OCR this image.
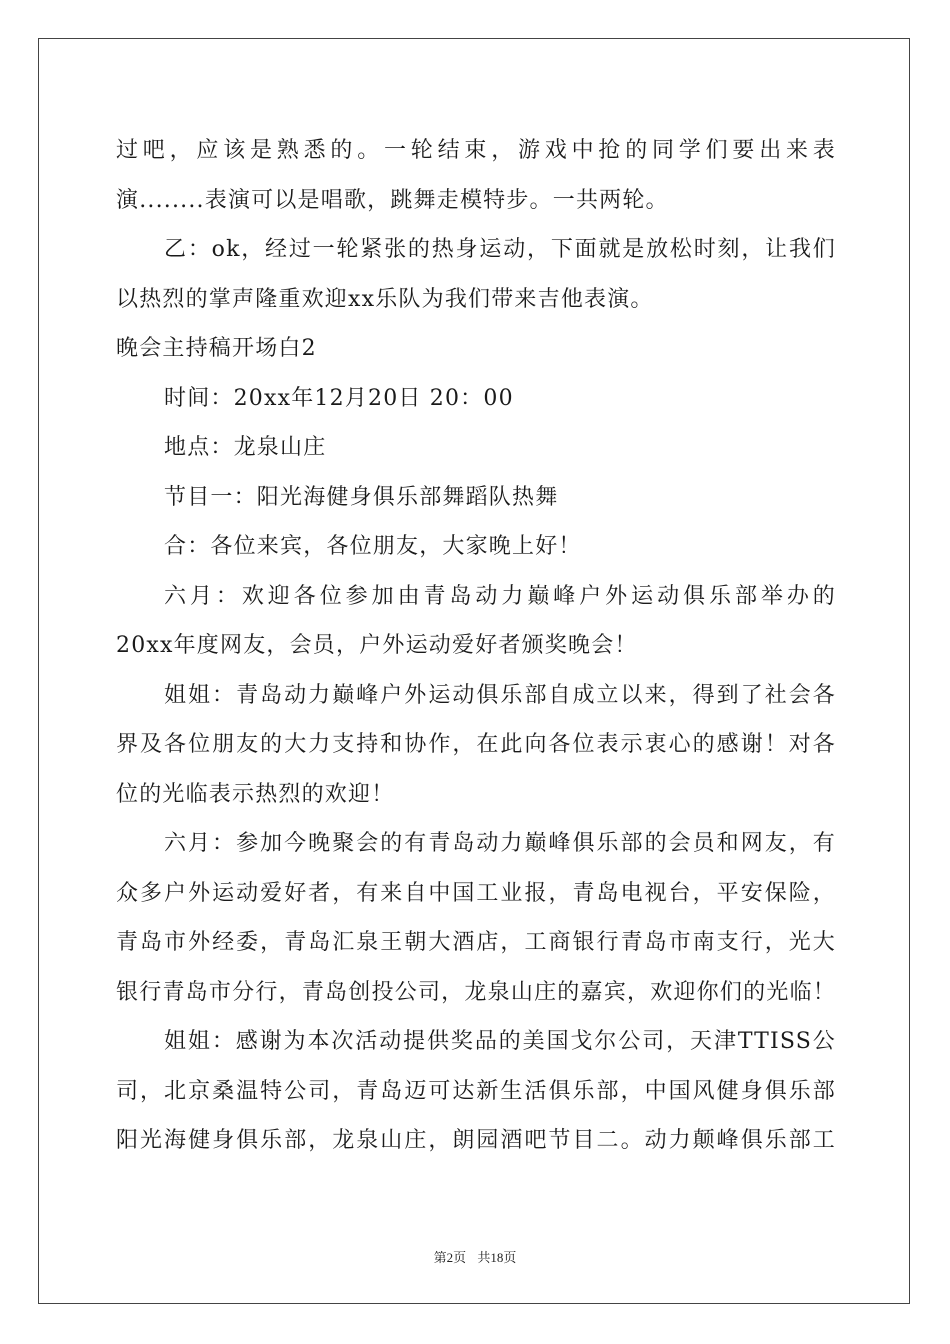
过吧，应该是熟悉的。一轮结束，游戏中抢的同学们要出来表
演........表演可以是唱歌，跳舞走模特步。一共两轮。
乙：ok，经过一轮紧张的热身运动，下面就是放松时刻，让我们
以热烈的掌声隆重欢迎xx乐队为我们带来吉他表演。
晚会主持稿开场白2
时间：20xx年12月20日 20：00
地点：龙泉山庄
节目一：阳光海健身俱乐部舞蹈队热舞
合：各位来宾，各位朋友，大家晚上好！
六月：欢迎各位参加由青岛动力巅峰户外运动俱乐部举办的
20xx年度网友，会员，户外运动爱好者颁奖晚会！
姐姐：青岛动力巅峰户外运动俱乐部自成立以来，得到了社会各
界及各位朋友的大力支持和协作，在此向各位表示衷心的感谢！对各
位的光临表示热烈的欢迎！
六月：参加今晚聚会的有青岛动力巅峰俱乐部的会员和网友，有
众多户外运动爱好者，有来自中国工业报，青岛电视台，平安保险，
青岛市外经委，青岛汇泉王朝大酒店，工商银行青岛市南支行，光大
银行青岛市分行，青岛创投公司，龙泉山庄的嘉宾，欢迎你们的光临！
姐姐：感谢为本次活动提供奖品的美国戈尔公司，天津TTISS公
司，北京桑温特公司，青岛迈可达新生活俱乐部，中国风健身俱乐部
阳光海健身俱乐部，龙泉山庄，朗园酒吧节目二。动力颠峰俱乐部工
第2页 共18页
